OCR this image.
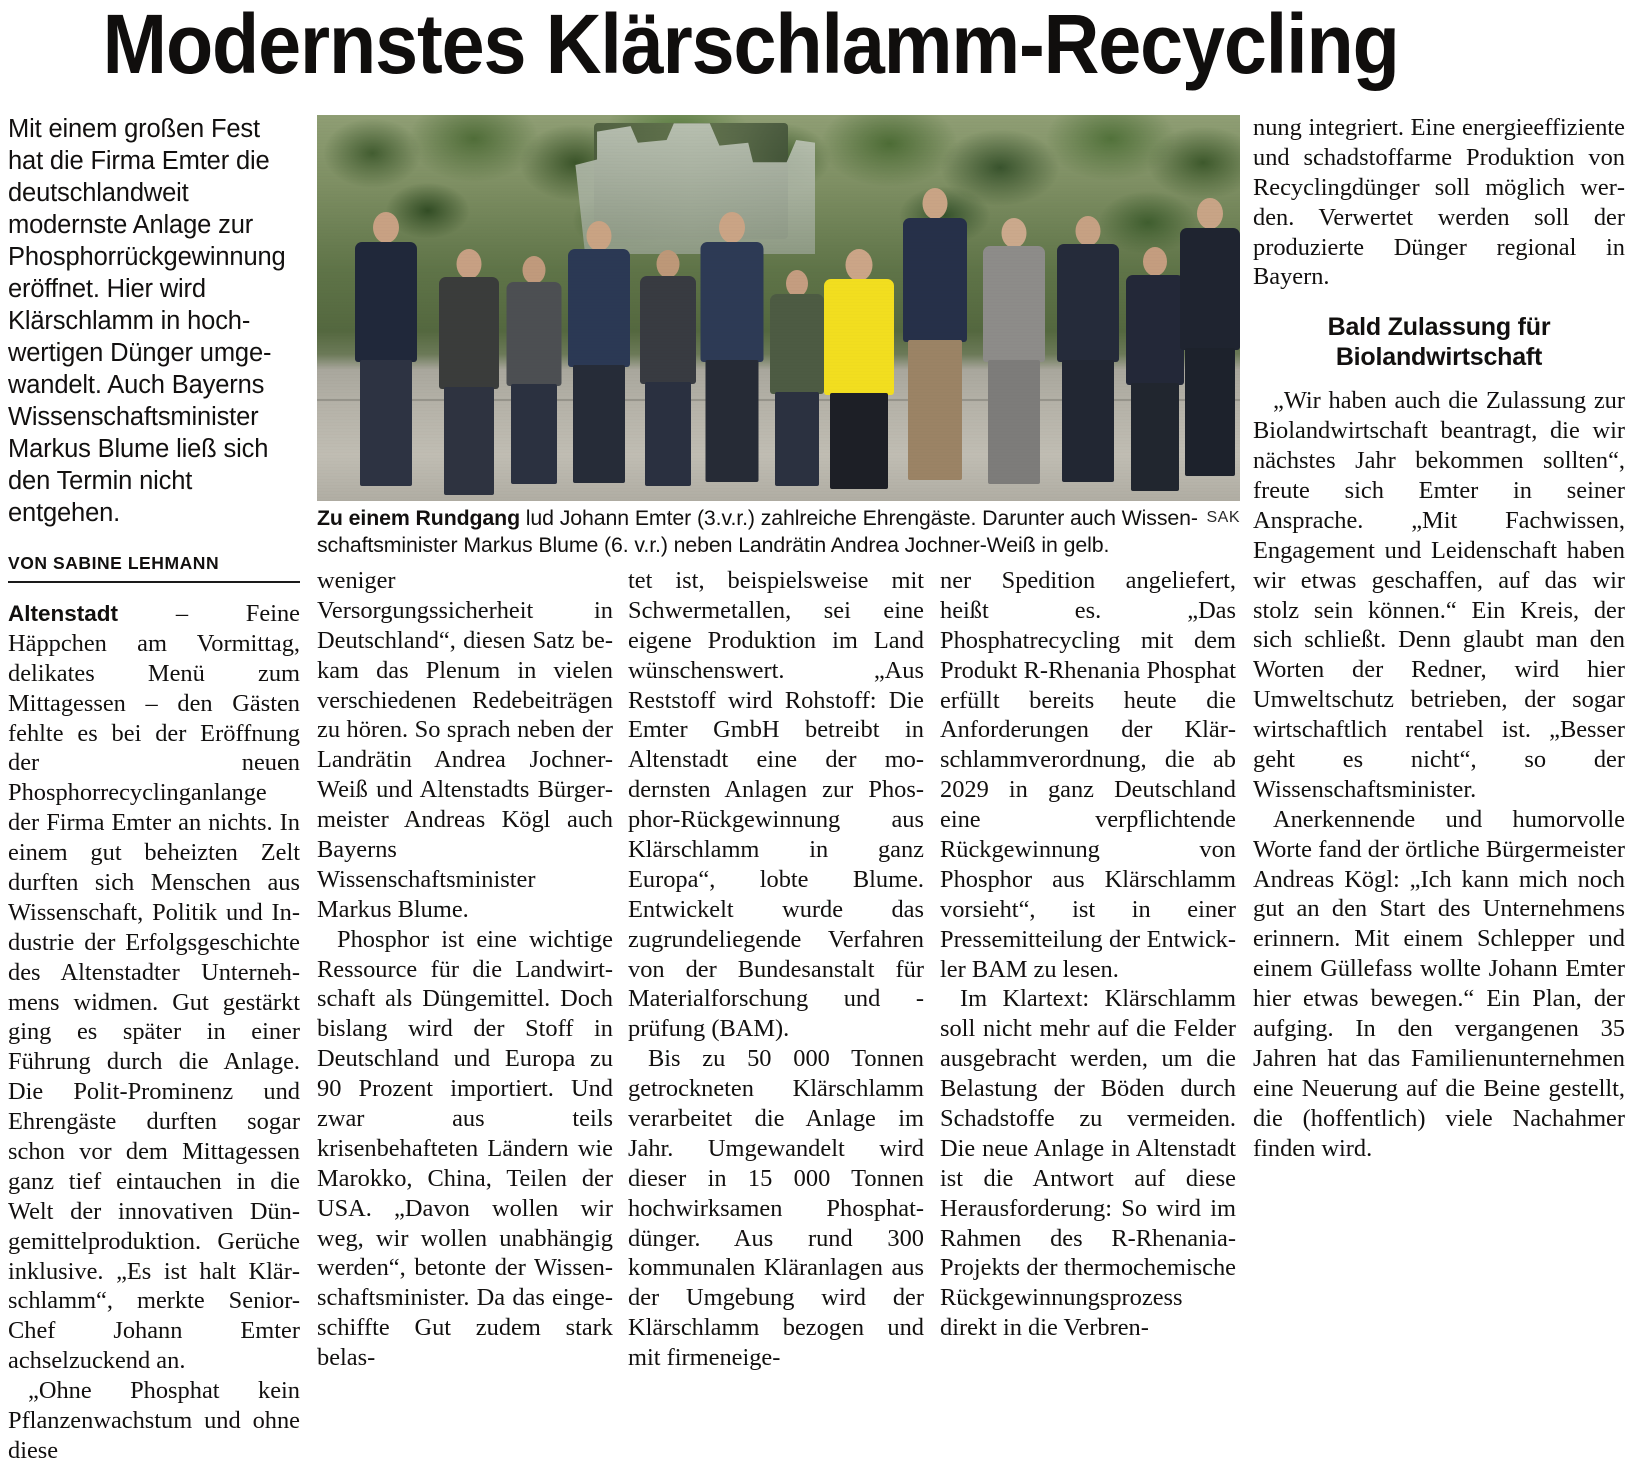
Modernstes Klärschlamm-Recycling
Mit einem großen Fest hat die Firma Emter die deutschlandweit modernste Anlage zur Phosphorrückgewinnung eröffnet. Hier wird Klärschlamm in hochwertigen Dünger umgewandelt. Auch Bayerns Wissenschaftsminister Markus Blume ließ sich den Termin nicht entgehen.
VON SABINE LEHMANN

Altenstadt – Feine Häppchen am Vormittag, delikates Menü zum Mittagessen – den Gästen fehlte es bei der Eröffnung der neuen Phosphorrecyclinganlange der Firma Emter an nichts. In einem gut beheizten Zelt durften sich Menschen aus Wissenschaft, Politik und Industrie der Erfolgsgeschichte des Altenstadter Unternehmens widmen. Gut gestärkt ging es später in einer Führung durch die Anlage. Die Polit-Prominenz und Ehrengäste durften sogar schon vor dem Mittagessen ganz tief eintauchen in die Welt der innovativen Düngemittelproduktion. Gerüche inklusive. „Es ist halt Klärschlamm“, merkte Senior-Chef Johann Emter achselzuckend an.

„Ohne Phosphat kein Pflanzenwachstum und ohne diese

SAK
Zu einem Rundgang lud Johann Emter (3.v.r.) zahlreiche Ehrengäste. Darunter auch Wissenschaftsminister Markus Blume (6. v.r.) neben Landrätin Andrea Jochner-Weiß in gelb.

weniger Versorgungssicherheit in Deutschland“, diesen Satz bekam das Plenum in vielen verschiedenen Redebeiträgen zu hören. So sprach neben der Landrätin Andrea Jochner-Weiß und Altenstadts Bürgermeister Andreas Kögl auch Bayerns Wissenschaftsminister Markus Blume.

Phosphor ist eine wichtige Ressource für die Landwirtschaft als Düngemittel. Doch bislang wird der Stoff in Deutschland und Europa zu 90 Prozent importiert. Und zwar aus teils krisenbehafteten Ländern wie Marokko, China, Teilen der USA. „Davon wollen wir weg, wir wollen unabhängig werden“, betonte der Wissenschaftsminister. Da das eingeschiffte Gut zudem stark belas-

tet ist, beispielsweise mit Schwermetallen, sei eine eigene Produktion im Land wünschenswert. „Aus Reststoff wird Rohstoff: Die Emter GmbH betreibt in Altenstadt eine der modernsten Anlagen zur Phosphor-Rückgewinnung aus Klärschlamm in ganz Europa“, lobte Blume. Entwickelt wurde das zugrundeliegende Verfahren von der Bundesanstalt für Materialforschung und -prüfung (BAM).

Bis zu 50 000 Tonnen getrockneten Klärschlamm verarbeitet die Anlage im Jahr. Umgewandelt wird dieser in 15 000 Tonnen hochwirksamen Phosphatdünger. Aus rund 300 kommunalen Kläranlagen aus der Umgebung wird der Klärschlamm bezogen und mit firmeneige-

ner Spedition angeliefert, heißt es. „Das Phosphatrecycling mit dem Produkt R-Rhenania Phosphat erfüllt bereits heute die Anforderungen der Klärschlammverordnung, die ab 2029 in ganz Deutschland eine verpflichtende Rückgewinnung von Phosphor aus Klärschlamm vorsieht“, ist in einer Pressemitteilung der Entwickler BAM zu lesen.

Im Klartext: Klärschlamm soll nicht mehr auf die Felder ausgebracht werden, um die Belastung der Böden durch Schadstoffe zu vermeiden. Die neue Anlage in Altenstadt ist die Antwort auf diese Herausforderung: So wird im Rahmen des R-Rhenania-Projekts der thermochemische Rückgewinnungsprozess direkt in die Verbren-

nung integriert. Eine energieeffiziente und schadstoffarme Produktion von Recyclingdünger soll möglich werden. Verwertet werden soll der produzierte Dünger regional in Bayern.

Bald Zulassung für Biolandwirtschaft

„Wir haben auch die Zulassung zur Biolandwirtschaft beantragt, die wir nächstes Jahr bekommen sollten“, freute sich Emter in seiner Ansprache. „Mit Fachwissen, Engagement und Leidenschaft haben wir etwas geschaffen, auf das wir stolz sein können.“ Ein Kreis, der sich schließt. Denn glaubt man den Worten der Redner, wird hier Umweltschutz betrieben, der sogar wirtschaftlich rentabel ist. „Besser geht es nicht“, so der Wissenschaftsminister.

Anerkennende und humorvolle Worte fand der örtliche Bürgermeister Andreas Kögl: „Ich kann mich noch gut an den Start des Unternehmens erinnern. Mit einem Schlepper und einem Güllefass wollte Johann Emter hier etwas bewegen.“ Ein Plan, der aufging. In den vergangenen 35 Jahren hat das Familienunternehmen eine Neuerung auf die Beine gestellt, die (hoffentlich) viele Nachahmer finden wird.
